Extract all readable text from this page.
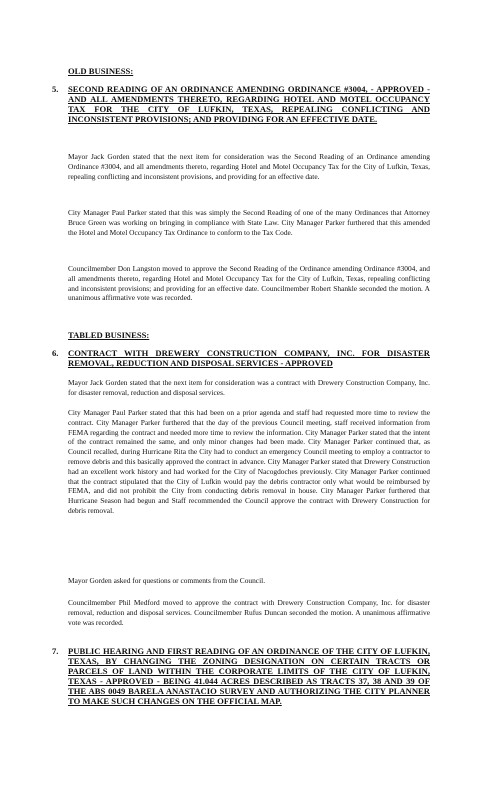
OLD BUSINESS:
5. SECOND READING OF AN ORDINANCE AMENDING ORDINANCE #3004, - APPROVED - AND ALL AMENDMENTS THERETO, REGARDING HOTEL AND MOTEL OCCUPANCY TAX FOR THE CITY OF LUFKIN, TEXAS, REPEALING CONFLICTING AND INCONSISTENT PROVISIONS; AND PROVIDING FOR AN EFFECTIVE DATE.

Mayor Jack Gorden stated that the next item for consideration was the Second Reading of an Ordinance amending Ordinance #3004, and all amendments thereto, regarding Hotel and Motel Occupancy Tax for the City of Lufkin, Texas, repealing conflicting and inconsistent provisions, and providing for an effective date.

City Manager Paul Parker stated that this was simply the Second Reading of one of the many Ordinances that Attorney Bruce Green was working on bringing in compliance with State Law. City Manager Parker furthered that this amended the Hotel and Motel Occupancy Tax Ordinance to conform to the Tax Code.

Councilmember Don Langston moved to approve the Second Reading of the Ordinance amending Ordinance #3004, and all amendments thereto, regarding Hotel and Motel Occupancy Tax for the City of Lufkin, Texas, repealing conflicting and inconsistent provisions; and providing for an effective date. Councilmember Robert Shankle seconded the motion. A unanimous affirmative vote was recorded.

TABLED BUSINESS:
6. CONTRACT WITH DREWERY CONSTRUCTION COMPANY, INC. FOR DISASTER REMOVAL, REDUCTION AND DISPOSAL SERVICES - APPROVED

Mayor Jack Gorden stated that the next item for consideration was a contract with Drewery Construction Company, Inc. for disaster removal, reduction and disposal services.

City Manager Paul Parker stated that this had been on a prior agenda and staff had requested more time to review the contract. City Manager Parker furthered that the day of the previous Council meeting, staff received information from FEMA regarding the contract and needed more time to review the information. City Manager Parker stated that the intent of the contract remained the same, and only minor changes had been made. City Manager Parker continued that, as Council recalled, during Hurricane Rita the City had to conduct an emergency Council meeting to employ a contractor to remove debris and this basically approved the contract in advance. City Manager Parker stated that Drewery Construction had an excellent work history and had worked for the City of Nacogdoches previously. City Manager Parker continued that the contract stipulated that the City of Lufkin would pay the debris contractor only what would be reimbursed by FEMA, and did not prohibit the City from conducting debris removal in house. City Manager Parker furthered that Hurricane Season had begun and Staff recommended the Council approve the contract with Drewery Construction for debris removal.

Mayor Gorden asked for questions or comments from the Council.

Councilmember Phil Medford moved to approve the contract with Drewery Construction Company, Inc. for disaster removal, reduction and disposal services. Councilmember Rufus Duncan seconded the motion. A unanimous affirmative vote was recorded.

7. PUBLIC HEARING AND FIRST READING OF AN ORDINANCE OF THE CITY OF LUFKIN, TEXAS, BY CHANGING THE ZONING DESIGNATION ON CERTAIN TRACTS OR PARCELS OF LAND WITHIN THE CORPORATE LIMITS OF THE CITY OF LUFKIN, TEXAS - APPROVED - BEING 41.044 ACRES DESCRIBED AS TRACTS 37, 38 AND 39 OF THE ABS 0049 BARELA ANASTACIO SURVEY AND AUTHORIZING THE CITY PLANNER TO MAKE SUCH CHANGES ON THE OFFICIAL MAP.
